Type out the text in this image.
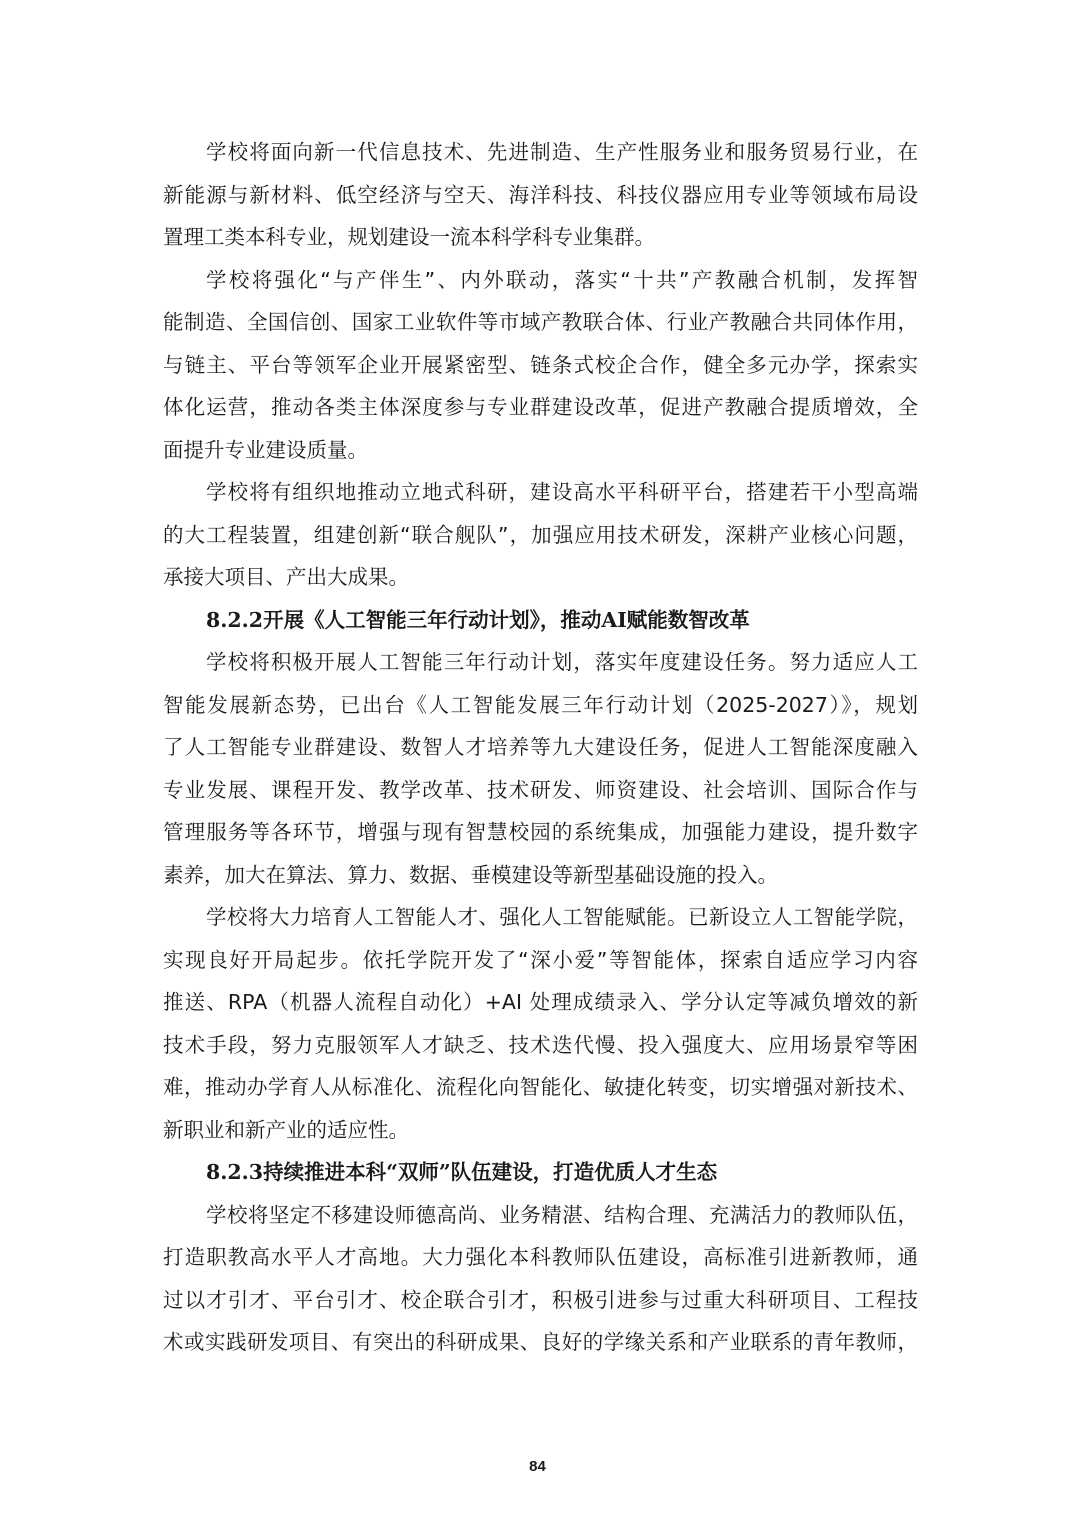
学校将面向新一代信息技术、先进制造、生产性服务业和服务贸易行业，在
新能源与新材料、低空经济与空天、海洋科技、科技仪器应用专业等领域布局设
置理工类本科专业，规划建设一流本科学科专业集群。
学校将强化“与产伴生”、内外联动，落实“十共”产教融合机制，发挥智
能制造、全国信创、国家工业软件等市域产教联合体、行业产教融合共同体作用，
与链主、平台等领军企业开展紧密型、链条式校企合作，健全多元办学，探索实
体化运营，推动各类主体深度参与专业群建设改革，促进产教融合提质增效，全
面提升专业建设质量。
学校将有组织地推动立地式科研，建设高水平科研平台，搭建若干小型高端
的大工程装置，组建创新“联合舰队”，加强应用技术研发，深耕产业核心问题，
承接大项目、产出大成果。
8.2.2开展《人工智能三年行动计划》，推动AI赋能数智改革
学校将积极开展人工智能三年行动计划，落实年度建设任务。努力适应人工
智能发展新态势，已出台《人工智能发展三年行动计划（2025-2027）》，规划
了人工智能专业群建设、数智人才培养等九大建设任务，促进人工智能深度融入
专业发展、课程开发、教学改革、技术研发、师资建设、社会培训、国际合作与
管理服务等各环节，增强与现有智慧校园的系统集成，加强能力建设，提升数字
素养，加大在算法、算力、数据、垂模建设等新型基础设施的投入。
学校将大力培育人工智能人才、强化人工智能赋能。已新设立人工智能学院，
实现良好开局起步。依托学院开发了“深小爱”等智能体，探索自适应学习内容
推送、RPA（机器人流程自动化）+AI 处理成绩录入、学分认定等减负增效的新
技术手段，努力克服领军人才缺乏、技术迭代慢、投入强度大、应用场景窄等困
难，推动办学育人从标准化、流程化向智能化、敏捷化转变，切实增强对新技术、
新职业和新产业的适应性。
8.2.3持续推进本科“双师”队伍建设，打造优质人才生态
学校将坚定不移建设师德高尚、业务精湛、结构合理、充满活力的教师队伍，
打造职教高水平人才高地。大力强化本科教师队伍建设，高标准引进新教师，通
过以才引才、平台引才、校企联合引才，积极引进参与过重大科研项目、工程技
术或实践研发项目、有突出的科研成果、良好的学缘关系和产业联系的青年教师，
84
